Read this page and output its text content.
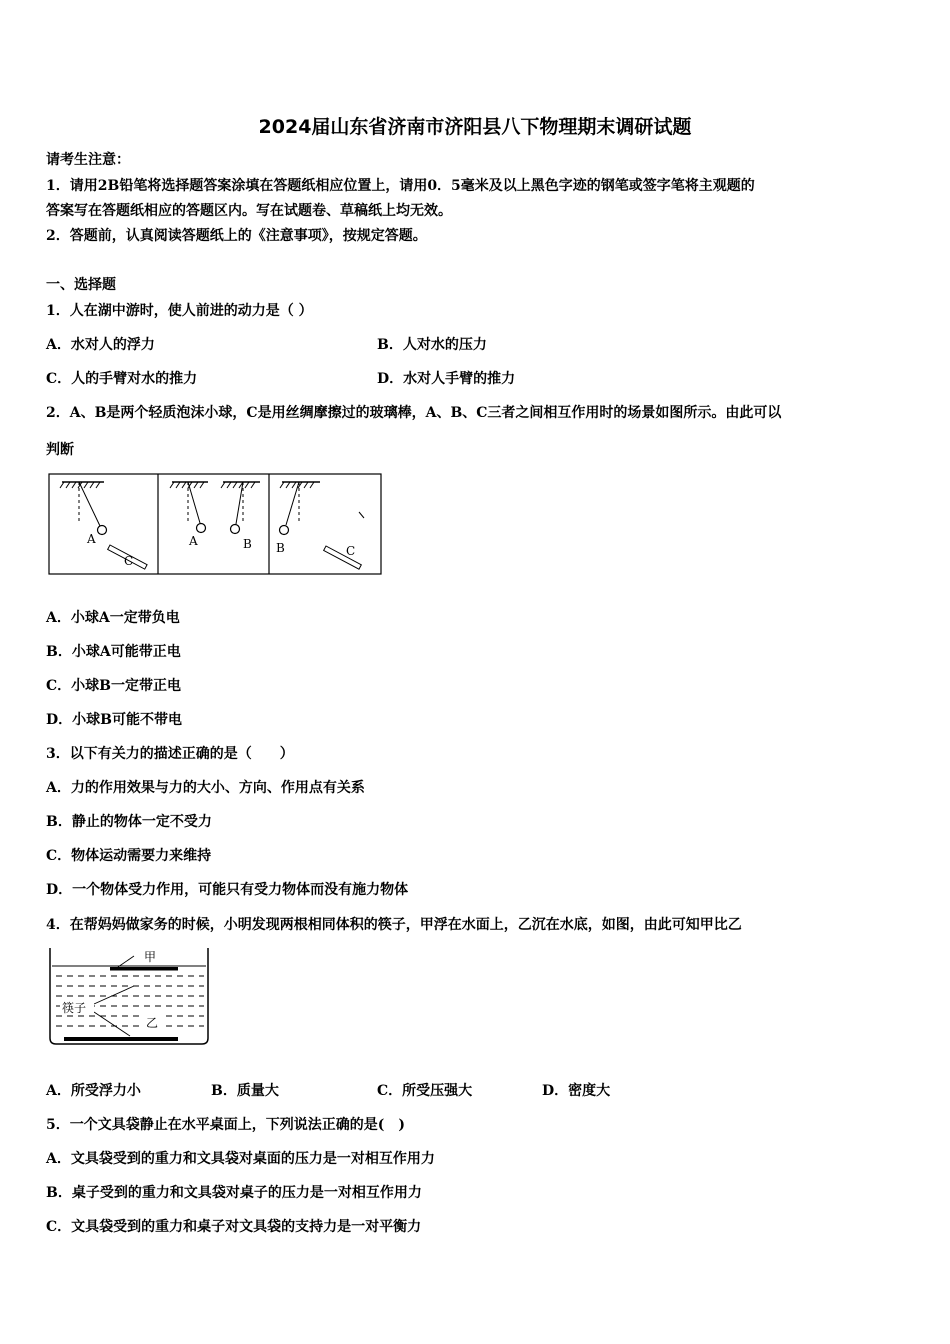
2024届山东省济南市济阳县八下物理期末调研试题
请考生注意：
1．请用2B铅笔将选择题答案涂填在答题纸相应位置上，请用0．5毫米及以上黑色字迹的钢笔或签字笔将主观题的
答案写在答题纸相应的答题区内。写在试题卷、草稿纸上均无效。
2．答题前，认真阅读答题纸上的《注意事项》，按规定答题。
一、选择题
1．人在湖中游时，使人前进的动力是（ ）
A．水对人的浮力	B．人对水的压力
C．人的手臂对水的推力	D．水对人手臂的推力
2．A、B是两个轻质泡沫小球，C是用丝绸摩擦过的玻璃棒，A、B、C三者之间相互作用时的场景如图所示。由此可以
判断
A
C
A	B B	C
A．小球A一定带负电
B．小球A可能带正电
C．小球B一定带正电
D．小球B可能不带电
3．以下有关力的描述正确的是（　　）
A．力的作用效果与力的大小、方向、作用点有关系
B．静止的物体一定不受力
C．物体运动需要力来维持
D．一个物体受力作用，可能只有受力物体而没有施力物体
4．在帮妈妈做家务的时候，小明发现两根相同体积的筷子，甲浮在水面上，乙沉在水底，如图，由此可知甲比乙
甲
筷子
乙
A．所受浮力小	B．质量大	C．所受压强大	D．密度大
5．一个文具袋静止在水平桌面上，下列说法正确的是(　)
A．文具袋受到的重力和文具袋对桌面的压力是一对相互作用力
B．桌子受到的重力和文具袋对桌子的压力是一对相互作用力
C．文具袋受到的重力和桌子对文具袋的支持力是一对平衡力
